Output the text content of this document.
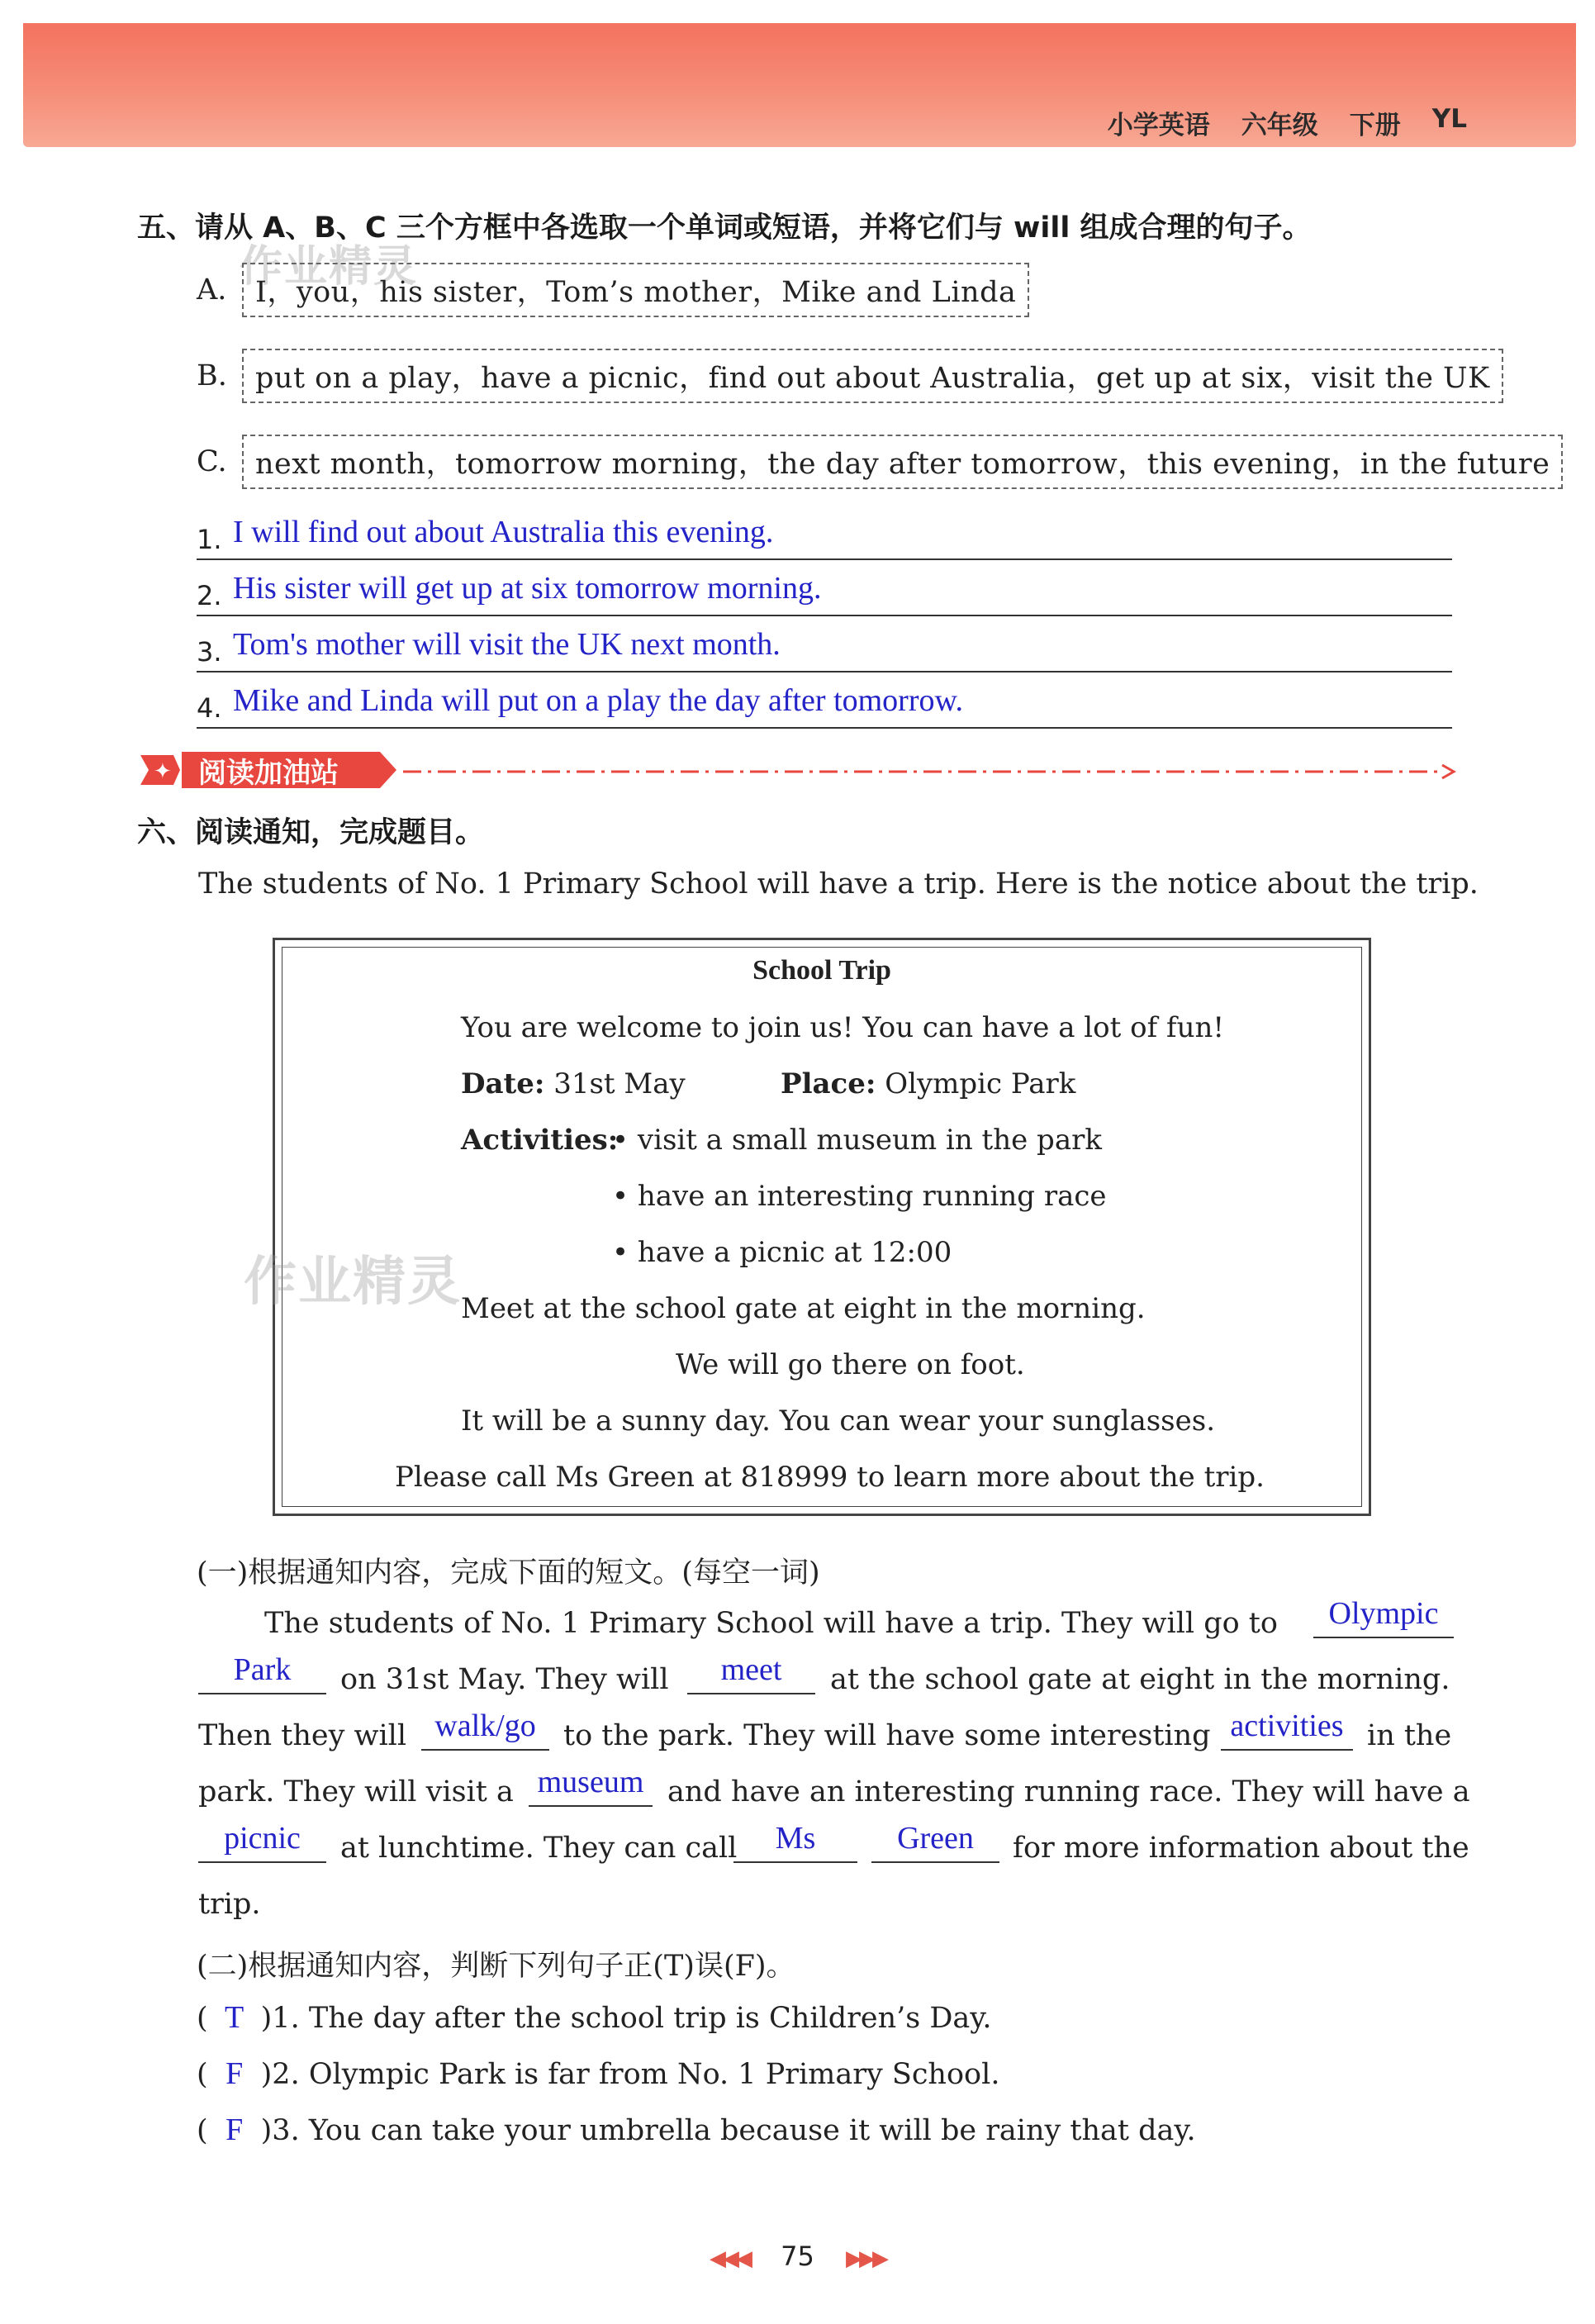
小学英语 六年级 下册 YL
五、请从 A、B、C 三个方框中各选取一个单词或短语，并将它们与 will 组成合理的句子。
作业精灵
A. I，you，his sister，Tom’s mother，Mike and Linda
B. put on a play，have a picnic，find out about Australia，get up at six，visit the UK
C. next month，tomorrow morning，the day after tomorrow，this evening，in the future
1. I will find out about Australia this evening.
2. His sister will get up at six tomorrow morning.
3. Tom's mother will visit the UK next month.
4. Mike and Linda will put on a play the day after tomorrow.
✦ 阅读加油站
六、阅读通知，完成题目。
The students of No. 1 Primary School will have a trip. Here is the notice about the trip.
School Trip
You are welcome to join us! You can have a lot of fun!
Date: 31st May	Place: Olympic Park
Activities:
• visit a small museum in the park
• have an interesting running race
• have a picnic at 12:00
Meet at the school gate at eight in the morning.
We will go there on foot.
It will be a sunny day. You can wear your sunglasses.
Please call Ms Green at 818999 to learn more about the trip.
作业精灵
(一)根据通知内容，完成下面的短文。(每空一词)
The students of No. 1 Primary School will have a trip. They will go to	Olympic
Park	on 31st May. They will	meet	at the school gate at eight in the morning.
Then they will walk/go to the park. They will have some interesting activities in the
park. They will visit a museum and have an interesting running race. They will have a
picnic	at lunchtime. They can call	Ms	Green	for more information about the
trip.
(二)根据通知内容，判断下列句子正(T)误(F)。
( T )1. The day after the school trip is Children’s Day.
( F )2. Olympic Park is far from No. 1 Primary School.
( F )3. You can take your umbrella because it will be rainy that day.
◀◀◀ 75 ▶▶▶
